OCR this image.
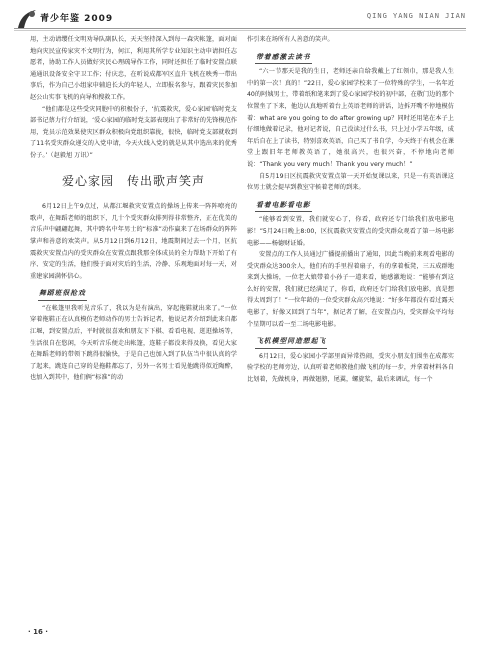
青少年鉴 2009	QING YANG NIAN JIAN

用，主动请缨任文明劝导队副队长，天天坚持深入到每一森灾帐篷，面对面地向灾民宣传家灾不文明行为，何江，利用其所学专业知识主动申请担任志愿者，协助工作人员做好灾民心理疏导作工作，同时还担任了临时安置点联通通讯设备安全守卫工作；付庆忠，在听说成都军区直升飞机在映秀一带出事后，作为自己小组家申辅迫长大的年轻人，立即报名参与，跟着灾民参加赵公山实事飞机的向导和搜救工作。

“他们都是这些受灾同胞中的积极份子，‘抗震救灾，爱心家园’临时党支部书记蔡力行介绍说，‘爱心家园的临时党支部表现出了非常好的先锋模范作用，党员示范效果使灾区群众积极向党组织靠拢，很快，临时党支部就收到了11名受灾群众递交的入党申请，今天火线入党的就是从其中选出来的优秀份子。’（赵毅旭 万讯）”

爱心家园　传出歌声笑声

6月12日上午9点过，从都江堰救灾安置点的操场上传来一阵阵嘹亮的歌声，在舞蹈老师的组织下，几十个受灾群众排列得非常整齐，正在优美的音乐声中翩翩起舞，其中跨名中年男士的“标准”动作赢来了在场群众的阵阵掌声和善意的欢笑声。从5月12日到6月12日，地震期间过去一个月，区抗震救灾安置点内的受灾群众在安置点跟我那全体成员的全力帮助下开始了有序、安定的生活，他们慢于面对灾后的生活，冷静、乐观地面对每一天，对重建家园满怀信心。

舞蹈班很抢戏

“在帐篷里我听见音乐了，我以为是有演出，穿起拖鞋就出来了。”一位穿着拖鞋正在认真模仿老师动作的男士告诉记者，他说记者介绍到此来自都江堰，到安置点后，平时就很喜欢和朋友下下棋、看看电视、逛逛操场等，生活很自在悠闲，今天听音乐便走出帐篷，连鞋子都没来得及换，看见大家在舞蹈老师的带领下跳得很愉快，于是自己也加入到了队伍当中很认真的学了起来，跳连自己穿的是拖鞋都忘了，另外一名男士看见他跳得似近陶醉，也加入到其中，他们俩“标准”的动

作引来在场所有人善意的笑声。

带着感激去读书

“六一节那天是我的生日，老师还亲自给我戴上了红领巾，那是我人生中的第一次！真的！”22日，爱心家园学校来了一位特殊的学生，一名年近40的阿姨男士，带着纸和笔来到了爱心家园学校的初中部，在敬门边的那个位置坐了下来，他边认真地听着台上英语老师的讲话，边拆开嘴不停地模仿着：what are you going to do after growing up？同时还用笔在本子上仔细地做着记录，他对记者说，自己没读过什么书，只上过小学五年级，成年后自在上了读书，特别喜欢英语，自己买了书自学，今天终于有机会在课堂上跟旧年老师教英语了，她很高兴，也很兴奋，不停地向老师说：“Thank you very much！Thank you very much！”

自5月19日区抗震救灾安置点第一天开始复课以来，只是一有英语课这位男士就会提早到教室守候着老师的到来。

看着电影看电影

“能够看到安置，我们就安心了，你看，政府还专门给我们放电影电影！”5月24日晚上8:00，区抗震救灾安置点的受灾群众观看了第一场电影电影——杨德财证婚。

安置点的工作人员通过广播提前播出了通知，因此当晚前来观看电影的受灾群众达300余人，他们有的手里捏着扇子，有的拿着板凳，三五成群地来到大操场，一位老大娘带着小孙子一道来看，她感激地说：“能够有到这么好的安置，我们就已经满足了，你看，政府还专门给我们放电影，真是想得太周到了！”一位年龄的一位受灾群众高兴地说：“好多年都没有看过露天电影了，好像又回到了当年”，据记者了解，在安置点内，受灾群众平均每个星期可以看一至二场电影电影。

飞机模型同造想起飞

6月12日，爱心家园小学部里面异常热闹，受灾小朋友们围坐在成都实验学校的老师旁边，认真听着老师教他们做飞机的每一步，并拿着材料各自比划着，先做机身，再做翅膀，尾翼，螺旋桨，最后来调试，每一个

· 16 ·
